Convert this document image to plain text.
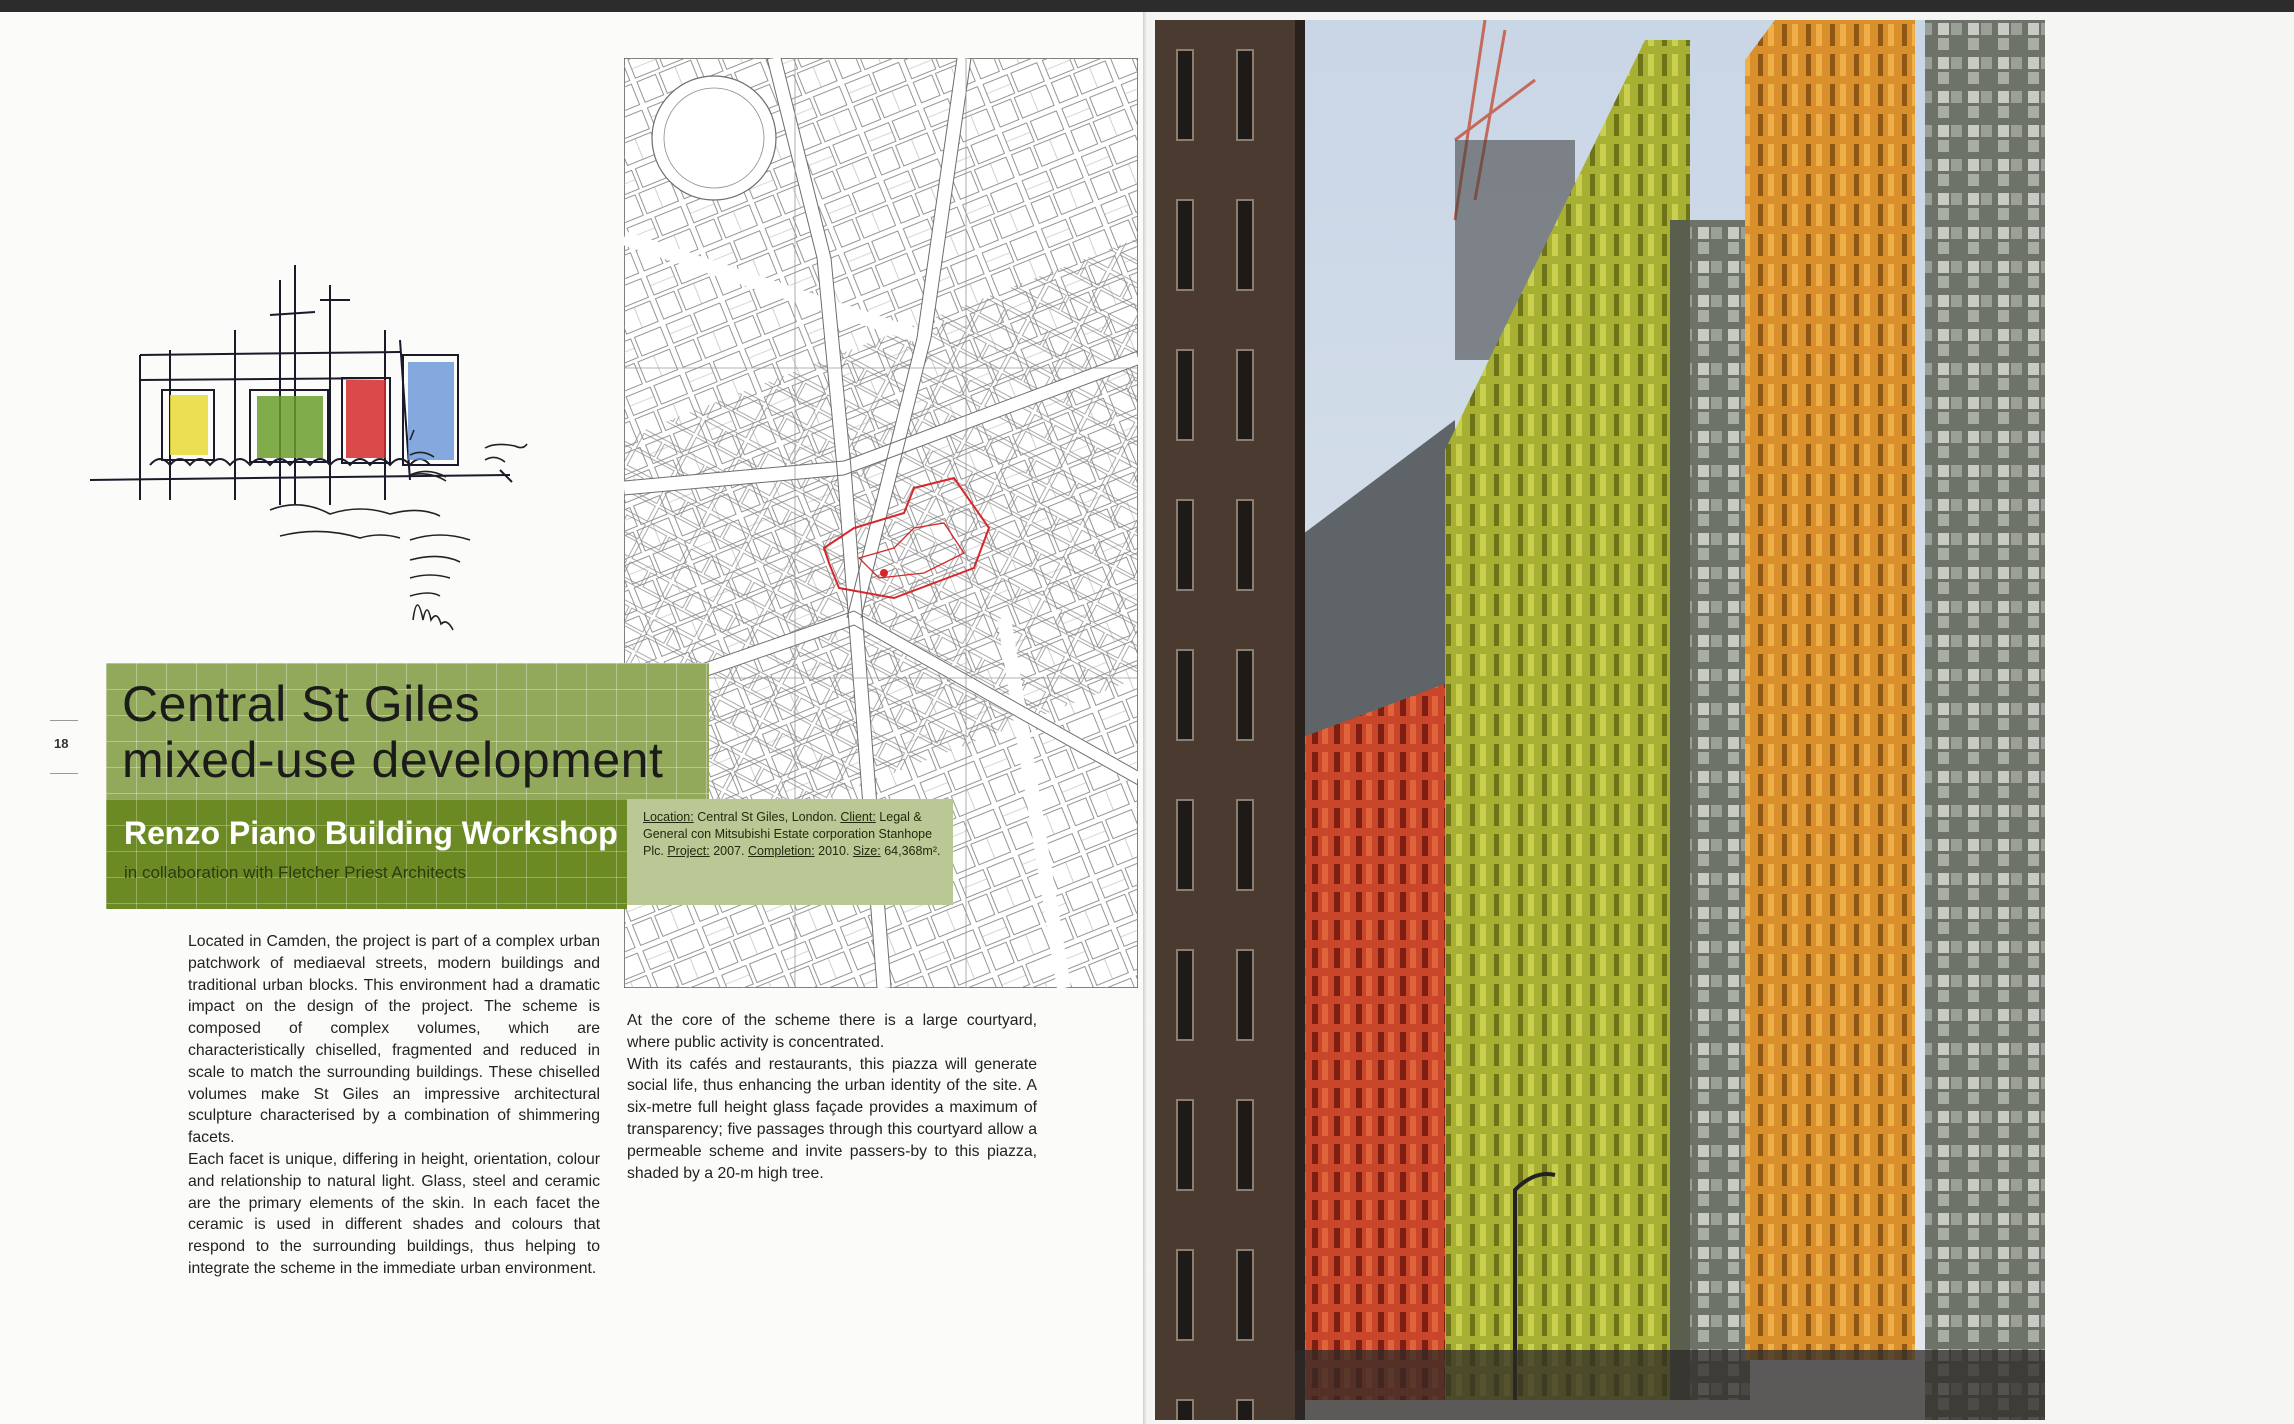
18
Central St Giles
mixed-use development
Renzo Piano Building Workshop
in collaboration with Fletcher Priest Architects
Location: Central St Giles, London. Client: Legal & General con Mitsubishi Estate corporation Stanhope Plc. Project: 2007. Completion: 2010. Size: 64,368m².

Located in Camden, the project is part of a complex urban patchwork of mediaeval streets, modern buildings and traditional urban blocks. This environment had a dramatic impact on the design of the project. The scheme is composed of complex volumes, which are characteristically chiselled, fragmented and reduced in scale to match the surrounding buildings. These chiselled volumes make St Giles an impressive architectural sculpture characterised by a combination of shimmering facets.

Each facet is unique, differing in height, orientation, colour and relationship to natural light. Glass, steel and ceramic are the primary elements of the skin. In each facet the ceramic is used in different shades and colours that respond to the surrounding buildings, thus helping to integrate the scheme in the immediate urban environment.

At the core of the scheme there is a large courtyard, where public activity is concentrated.

With its cafés and restaurants, this piazza will generate social life, thus enhancing the urban identity of the site. A six-metre full height glass façade provides a maximum of transparency; five passages through this courtyard allow a permeable scheme and invite passers-by to this piazza, shaded by a 20-m high tree.
